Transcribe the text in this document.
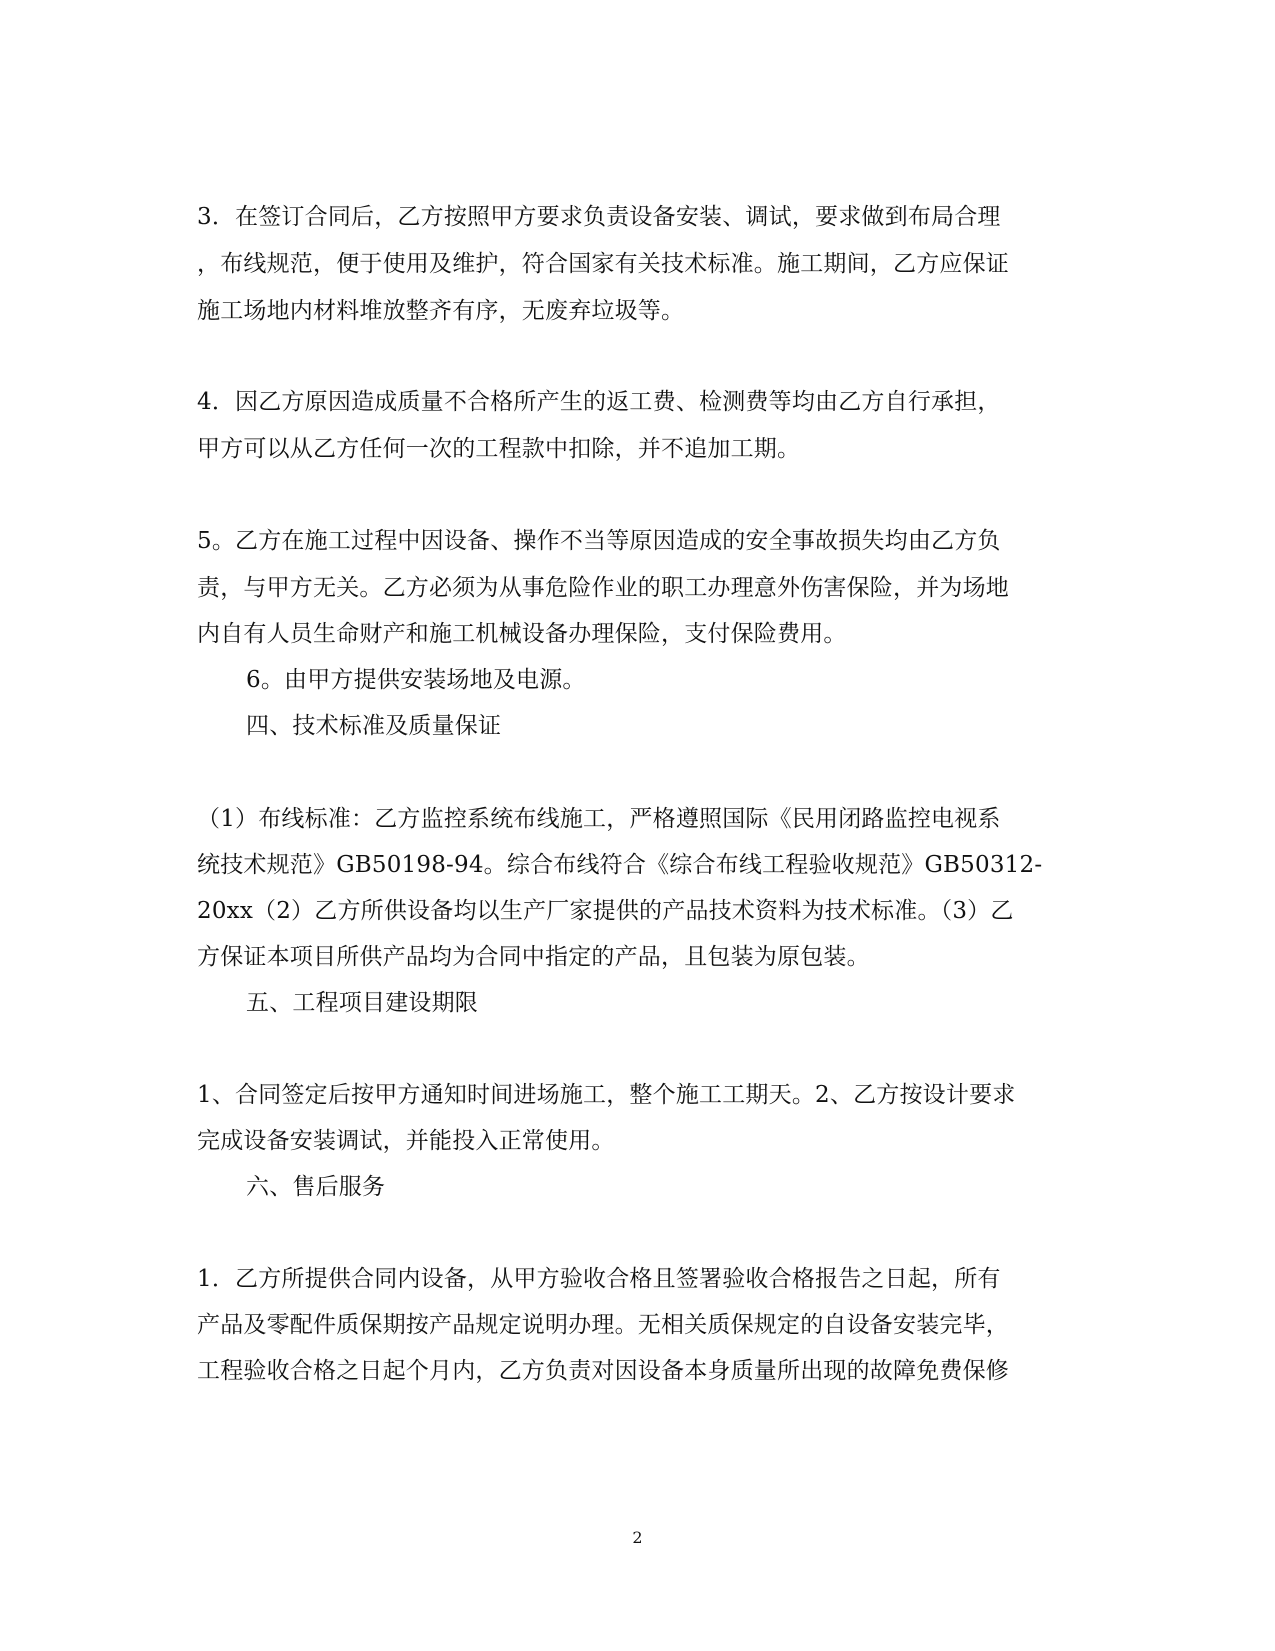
3．在签订合同后，乙方按照甲方要求负责设备安装、调试，要求做到布局合理
，布线规范，便于使用及维护，符合国家有关技术标准。施工期间，乙方应保证
施工场地内材料堆放整齐有序，无废弃垃圾等。
4．因乙方原因造成质量不合格所产生的返工费、检测费等均由乙方自行承担，
甲方可以从乙方任何一次的工程款中扣除，并不追加工期。
5。乙方在施工过程中因设备、操作不当等原因造成的安全事故损失均由乙方负
责，与甲方无关。乙方必须为从事危险作业的职工办理意外伤害保险，并为场地
内自有人员生命财产和施工机械设备办理保险，支付保险费用。
6。由甲方提供安装场地及电源。
四、技术标准及质量保证
（1）布线标准：乙方监控系统布线施工，严格遵照国际《民用闭路监控电视系
统技术规范》GB50198-94。综合布线符合《综合布线工程验收规范》GB50312-
20xx（2）乙方所供设备均以生产厂家提供的产品技术资料为技术标准。（3）乙
方保证本项目所供产品均为合同中指定的产品，且包装为原包装。
五、工程项目建设期限
1、合同签定后按甲方通知时间进场施工，整个施工工期天。2、乙方按设计要求
完成设备安装调试，并能投入正常使用。
六、售后服务
1．乙方所提供合同内设备，从甲方验收合格且签署验收合格报告之日起，所有
产品及零配件质保期按产品规定说明办理。无相关质保规定的自设备安装完毕，
工程验收合格之日起个月内，乙方负责对因设备本身质量所出现的故障免费保修
2
